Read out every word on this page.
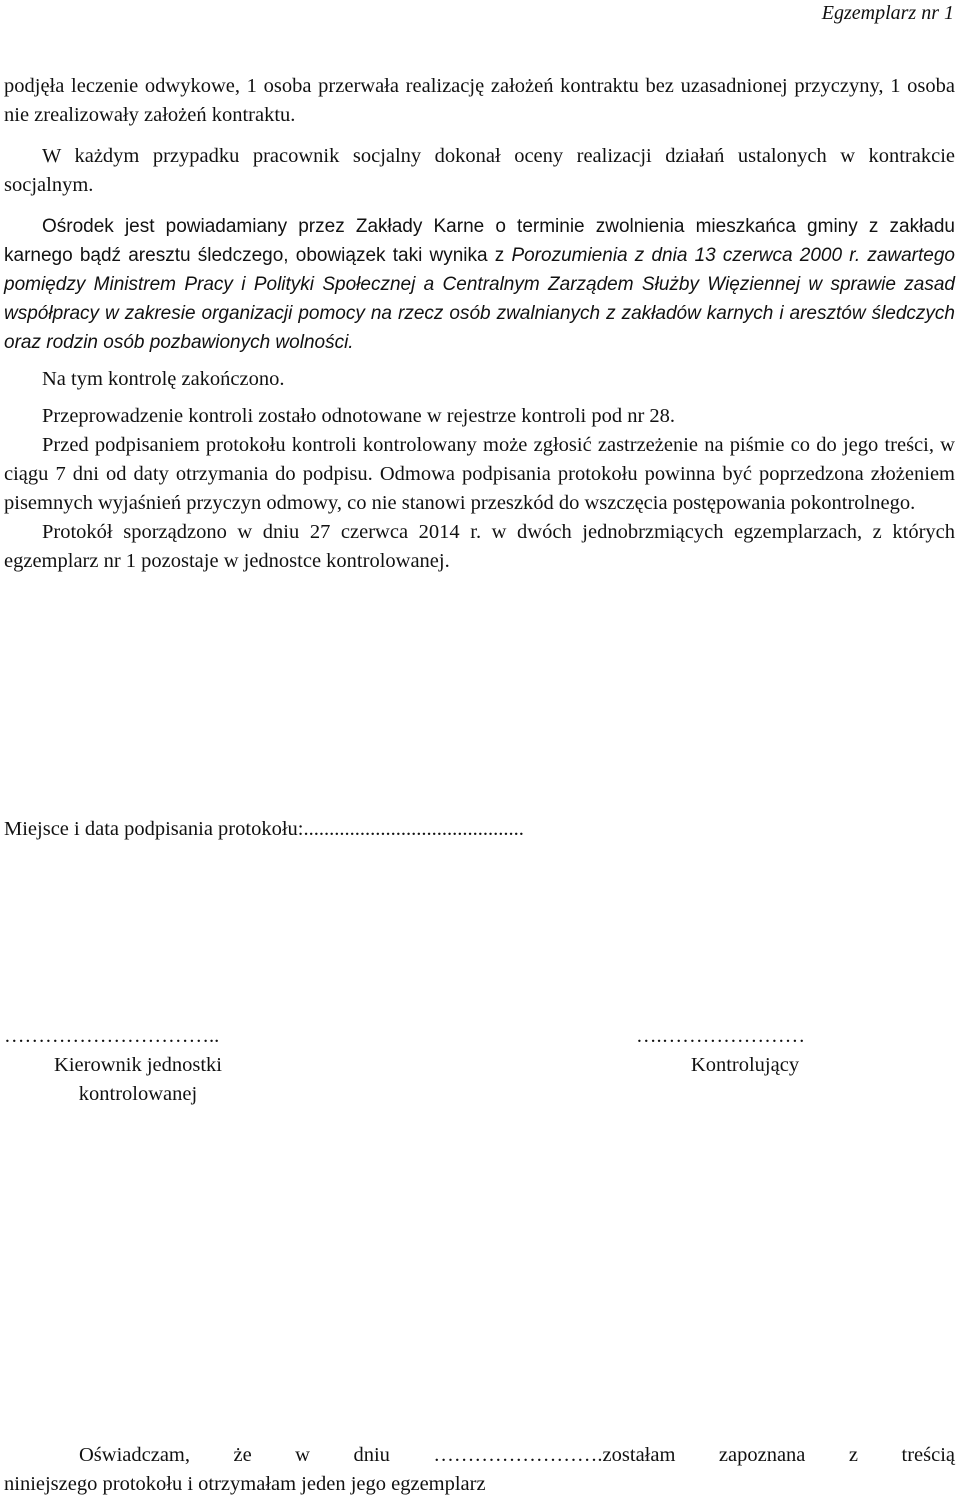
Egzemplarz nr 1

podjęła leczenie odwykowe, 1 osoba przerwała realizację założeń kontraktu bez uzasadnionej przyczyny, 1 osoba nie zrealizowały założeń kontraktu.

W każdym przypadku pracownik socjalny dokonał oceny realizacji działań ustalonych w kontrakcie socjalnym.

Ośrodek jest powiadamiany przez Zakłady Karne o terminie zwolnienia mieszkańca gminy z zakładu karnego bądź aresztu śledczego, obowiązek taki wynika z Porozumienia z dnia 13 czerwca 2000 r. zawartego pomiędzy Ministrem Pracy i Polityki Społecznej a Centralnym Zarządem Służby Więziennej w sprawie zasad współpracy w zakresie organizacji pomocy na rzecz osób zwalnianych z zakładów karnych i aresztów śledczych oraz rodzin osób pozbawionych wolności.

Na tym kontrolę zakończono.

Przeprowadzenie kontroli zostało odnotowane w rejestrze kontroli pod nr 28.

Przed podpisaniem protokołu kontroli kontrolowany może zgłosić zastrzeżenie na piśmie co do jego treści, w ciągu 7 dni od daty otrzymania do podpisu. Odmowa podpisania protokołu powinna być poprzedzona złożeniem pisemnych wyjaśnień przyczyn odmowy, co nie stanowi przeszkód do wszczęcia postępowania pokontrolnego.

Protokół sporządzono w dniu 27 czerwca 2014 r. w dwóch jednobrzmiących egzemplarzach, z których egzemplarz nr 1 pozostaje w jednostce kontrolowanej.

Miejsce i data podpisania protokołu:...........................................
…………………………..
Kierownik jednostki
kontrolowanej
….…………………
Kontrolujący

Oświadczam, że w dniu …………………….zostałam zapoznana z treścią

niniejszego protokołu i otrzymałam jeden jego egzemplarz
